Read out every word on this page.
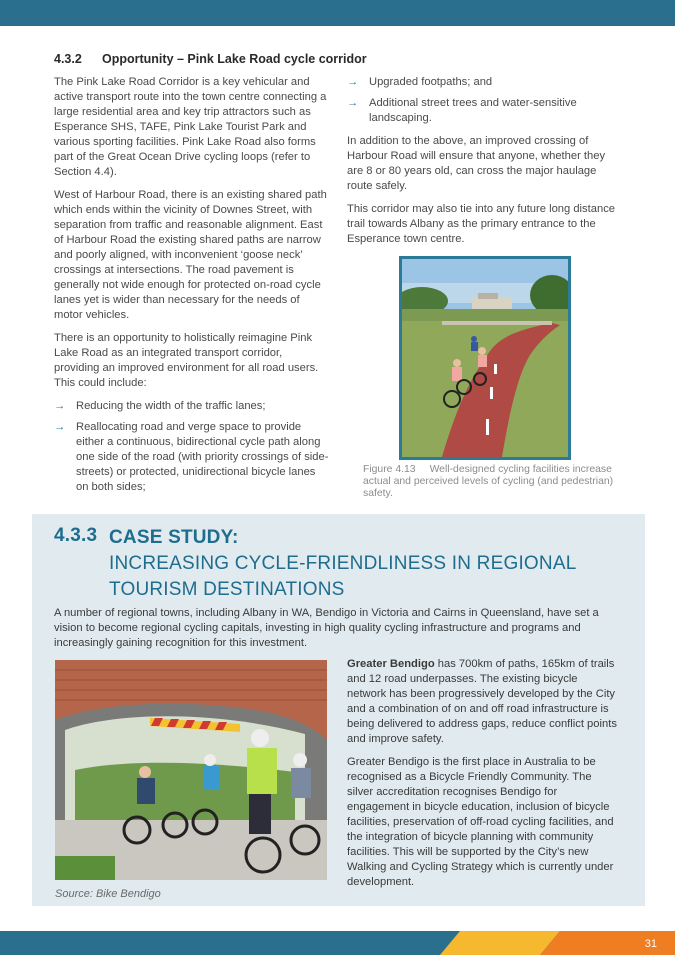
4.3.2 Opportunity – Pink Lake Road cycle corridor

The Pink Lake Road Corridor is a key vehicular and active transport route into the town centre connecting a large residential area and key trip attractors such as Esperance SHS, TAFE, Pink Lake Tourist Park and various sporting facilities. Pink Lake Road also forms part of the Great Ocean Drive cycling loops (refer to Section 4.4).

West of Harbour Road, there is an existing shared path which ends within the vicinity of Downes Street, with separation from traffic and reasonable alignment. East of Harbour Road the existing shared paths are narrow and poorly aligned, with inconvenient ‘goose neck’ crossings at intersections. The road pavement is generally not wide enough for protected on-road cycle lanes yet is wider than necessary for the needs of motor vehicles.

There is an opportunity to holistically reimagine Pink Lake Road as an integrated transport corridor, providing an improved environment for all road users. This could include:

→ Reducing the width of the traffic lanes;
→ Reallocating road and verge space to provide either a continuous, bidirectional cycle path along one side of the road (with priority crossings of side-streets) or protected, unidirectional bicycle lanes on both sides;
→ Upgraded footpaths; and
→ Additional street trees and water-sensitive landscaping.

In addition to the above, an improved crossing of Harbour Road will ensure that anyone, whether they are 8 or 80 years old, can cross the major haulage route safely.

This corridor may also tie into any future long distance trail towards Albany as the primary entrance to the Esperance town centre.

Figure 4.13 Well-designed cycling facilities increase actual and perceived levels of cycling (and pedestrian) safety.
4.3.3 CASE STUDY:
INCREASING CYCLE-FRIENDLINESS IN REGIONAL TOURISM DESTINATIONS
A number of regional towns, including Albany in WA, Bendigo in Victoria and Cairns in Queensland, have set a vision to become regional cycling capitals, investing in high quality cycling infrastructure and programs and increasingly gaining recognition for this investment.
Source: Bike Bendigo

Greater Bendigo has 700km of paths, 165km of trails and 12 road underpasses. The existing bicycle network has been progressively developed by the City and a combination of on and off road infrastructure is being delivered to address gaps, reduce conflict points and improve safety.

Greater Bendigo is the first place in Australia to be recognised as a Bicycle Friendly Community. The silver accreditation recognises Bendigo for engagement in bicycle education, inclusion of bicycle facilities, preservation of off-road cycling facilities, and the integration of bicycle planning with community facilities. This will be supported by the City’s new Walking and Cycling Strategy which is currently under development.

31
